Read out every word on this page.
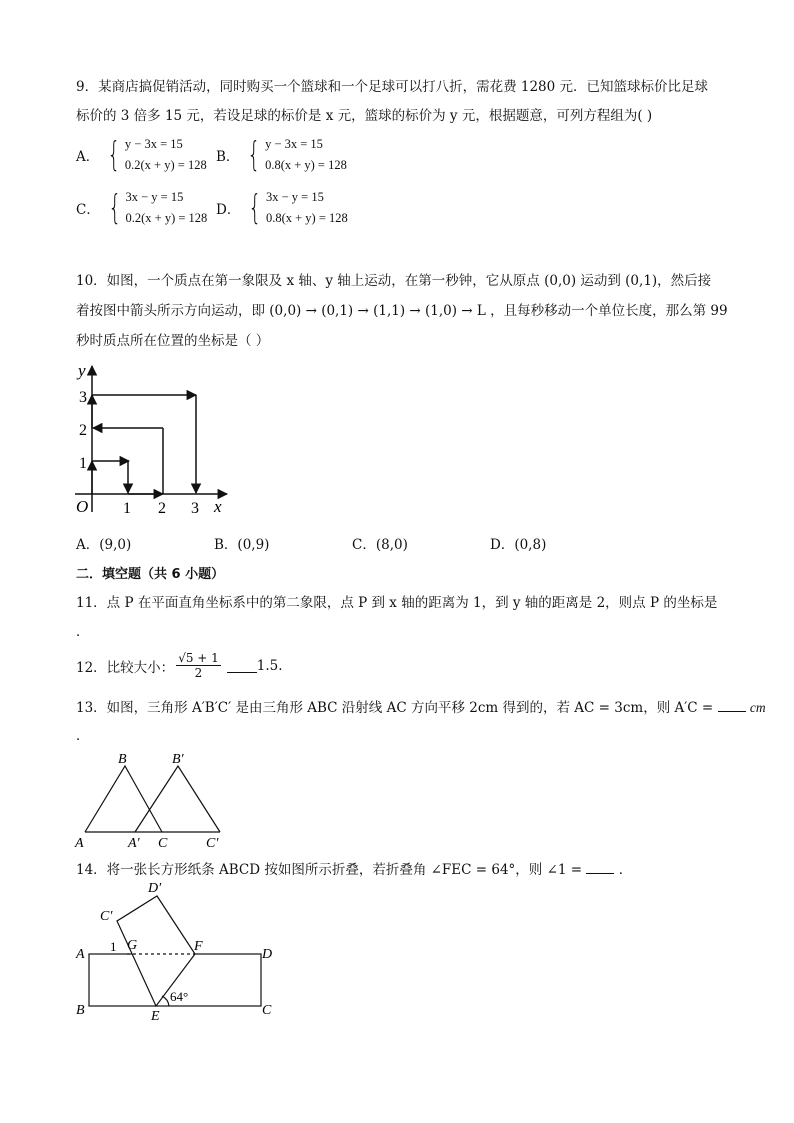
9．某商店搞促销活动，同时购买一个篮球和一个足球可以打八折，需花费 1280 元．已知篮球标价比足球
标价的 3 倍多 15 元，若设足球的标价是 x 元，篮球的标价为 y 元，根据题意，可列方程组为( )
A． { y − 3x = 15
0.2(x + y) = 128 B． { y − 3x = 15
0.8(x + y) = 128
C． { 3x − y = 15
0.2(x + y) = 128 D． { 3x − y = 15
0.8(x + y) = 128
10．如图，一个质点在第一象限及 x 轴、y 轴上运动，在第一秒钟，它从原点 (0,0) 运动到 (0,1)，然后接
着按图中箭头所示方向运动，即 (0,0) → (0,1) → (1,1) → (1,0) → L ，且每秒移动一个单位长度，那么第 99
秒时质点所在位置的坐标是（ ）
y
x
O
1
2
3
1 2 3
A．(9,0)	B．(0,9)	C．(8,0)	D．(0,8)
二．填空题（共 6 小题）
11．点 P 在平面直角坐标系中的第二象限，点 P 到 x 轴的距离为 1，到 y 轴的距离是 2，则点 P 的坐标是
．
12．比较大小： $\frac{√5 + 1}{2}$	1.5.
13．如图，三角形 A′B′C′ 是由三角形 ABC 沿射线 AC 方向平移 2cm 得到的，若 AC = 3cm，则 A′C =	cm
．
A
B
C
A′
B′
C′
14．将一张长方形纸条 ABCD 按如图所示折叠，若折叠角 ∠FEC = 64°，则 ∠1 =	．
A
B	C
D
E
F
G
C′
D′
1
64°
